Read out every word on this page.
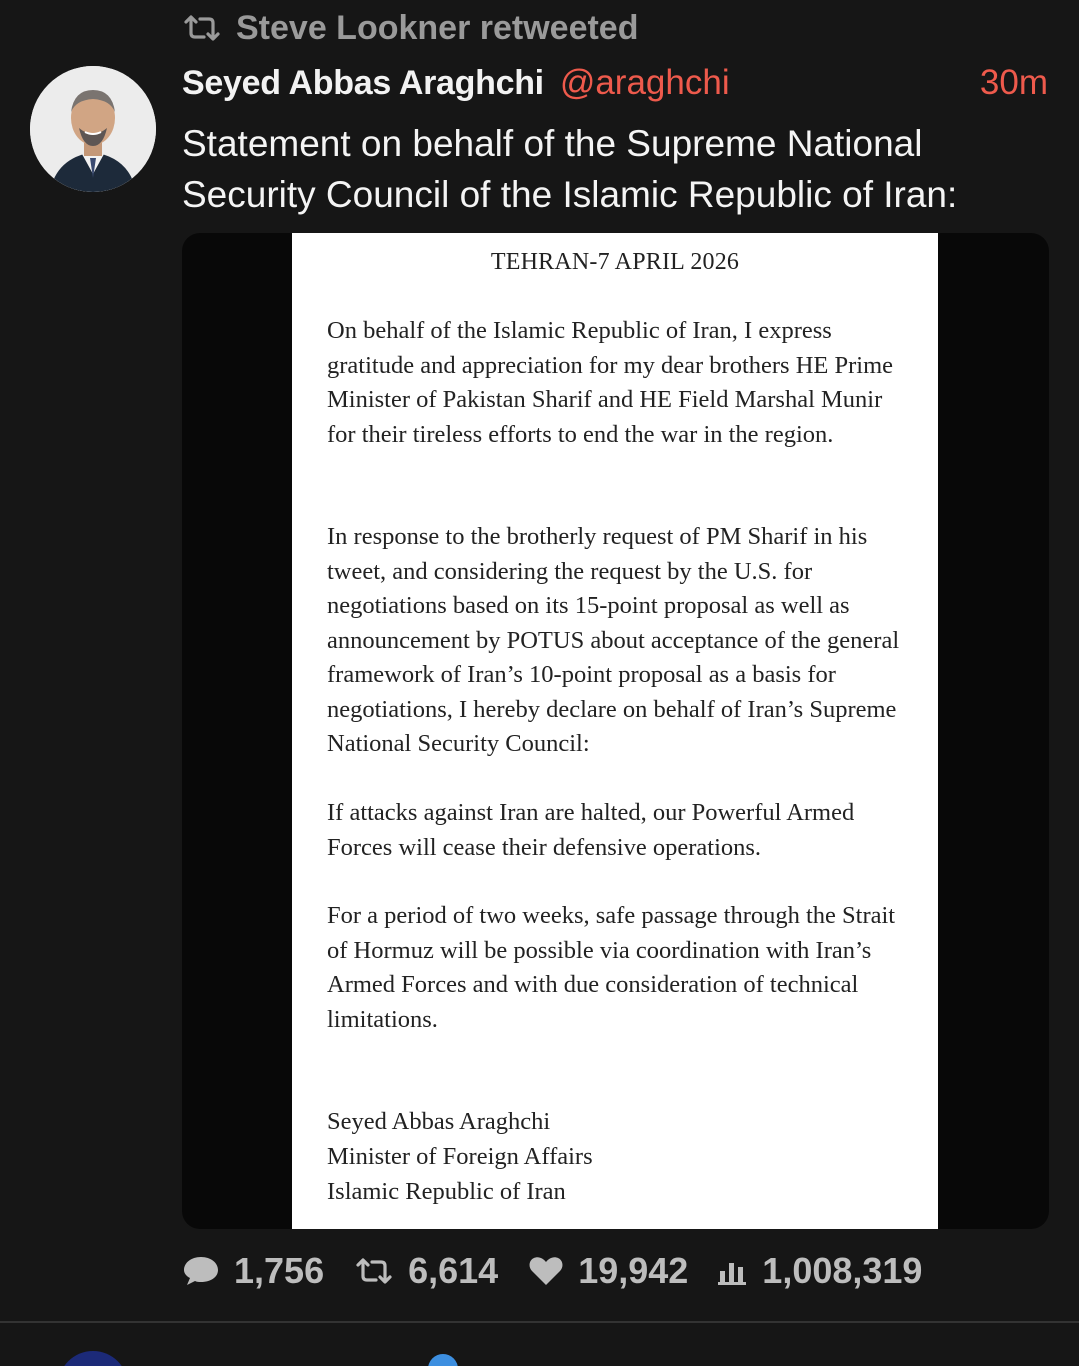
Steve Lookner retweeted
Seyed Abbas Araghchi @araghchi	30m
Statement on behalf of the Supreme National Security Council of the Islamic Republic of Iran:
TEHRAN-7 APRIL 2026

On behalf of the Islamic Republic of Iran, I express gratitude and appreciation for my dear brothers HE Prime Minister of Pakistan Sharif and HE Field Marshal Munir for their tireless efforts to end the war in the region.

In response to the brotherly request of PM Sharif in his tweet, and considering the request by the U.S. for negotiations based on its 15-point proposal as well as announcement by POTUS about acceptance of the general framework of Iran’s 10-point proposal as a basis for negotiations, I hereby declare on behalf of Iran’s Supreme National Security Council:

If attacks against Iran are halted, our Powerful Armed Forces will cease their defensive operations.

For a period of two weeks, safe passage through the Strait of Hormuz will be possible via coordination with Iran’s Armed Forces and with due consideration of technical limitations.

Seyed Abbas Araghchi
Minister of Foreign Affairs
Islamic Republic of Iran
1,756 6,614 19,942 1,008,319
